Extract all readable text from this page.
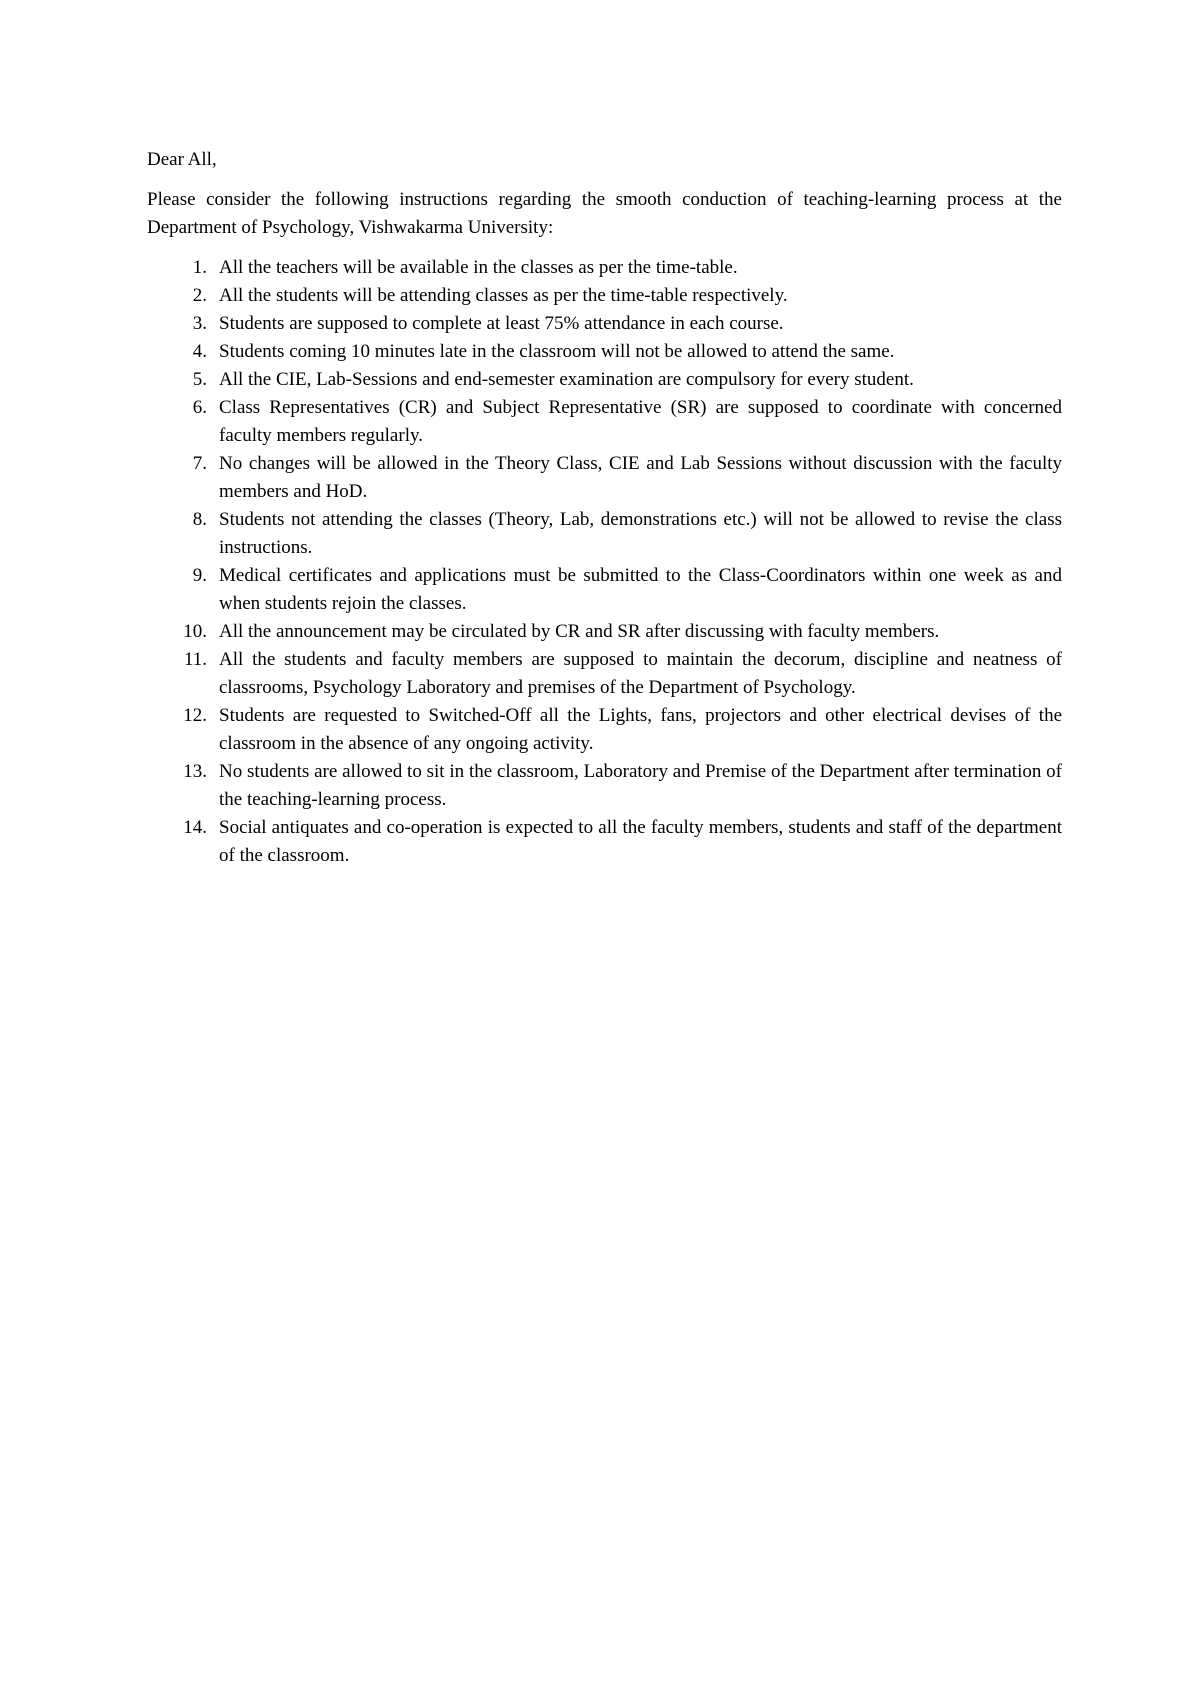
Dear All,

Please consider the following instructions regarding the smooth conduction of teaching-learning process at the Department of Psychology, Vishwakarma University:

1. All the teachers will be available in the classes as per the time-table.
2. All the students will be attending classes as per the time-table respectively.
3. Students are supposed to complete at least 75% attendance in each course.
4. Students coming 10 minutes late in the classroom will not be allowed to attend the same.
5. All the CIE, Lab-Sessions and end-semester examination are compulsory for every student.
6. Class Representatives (CR) and Subject Representative (SR) are supposed to coordinate with concerned faculty members regularly.
7. No changes will be allowed in the Theory Class, CIE and Lab Sessions without discussion with the faculty members and HoD.
8. Students not attending the classes (Theory, Lab, demonstrations etc.) will not be allowed to revise the class instructions.
9. Medical certificates and applications must be submitted to the Class-Coordinators within one week as and when students rejoin the classes.
10. All the announcement may be circulated by CR and SR after discussing with faculty members.
11. All the students and faculty members are supposed to maintain the decorum, discipline and neatness of classrooms, Psychology Laboratory and premises of the Department of Psychology.
12. Students are requested to Switched-Off all the Lights, fans, projectors and other electrical devises of the classroom in the absence of any ongoing activity.
13. No students are allowed to sit in the classroom, Laboratory and Premise of the Department after termination of the teaching-learning process.
14. Social antiquates and co-operation is expected to all the faculty members, students and staff of the department of the classroom.
